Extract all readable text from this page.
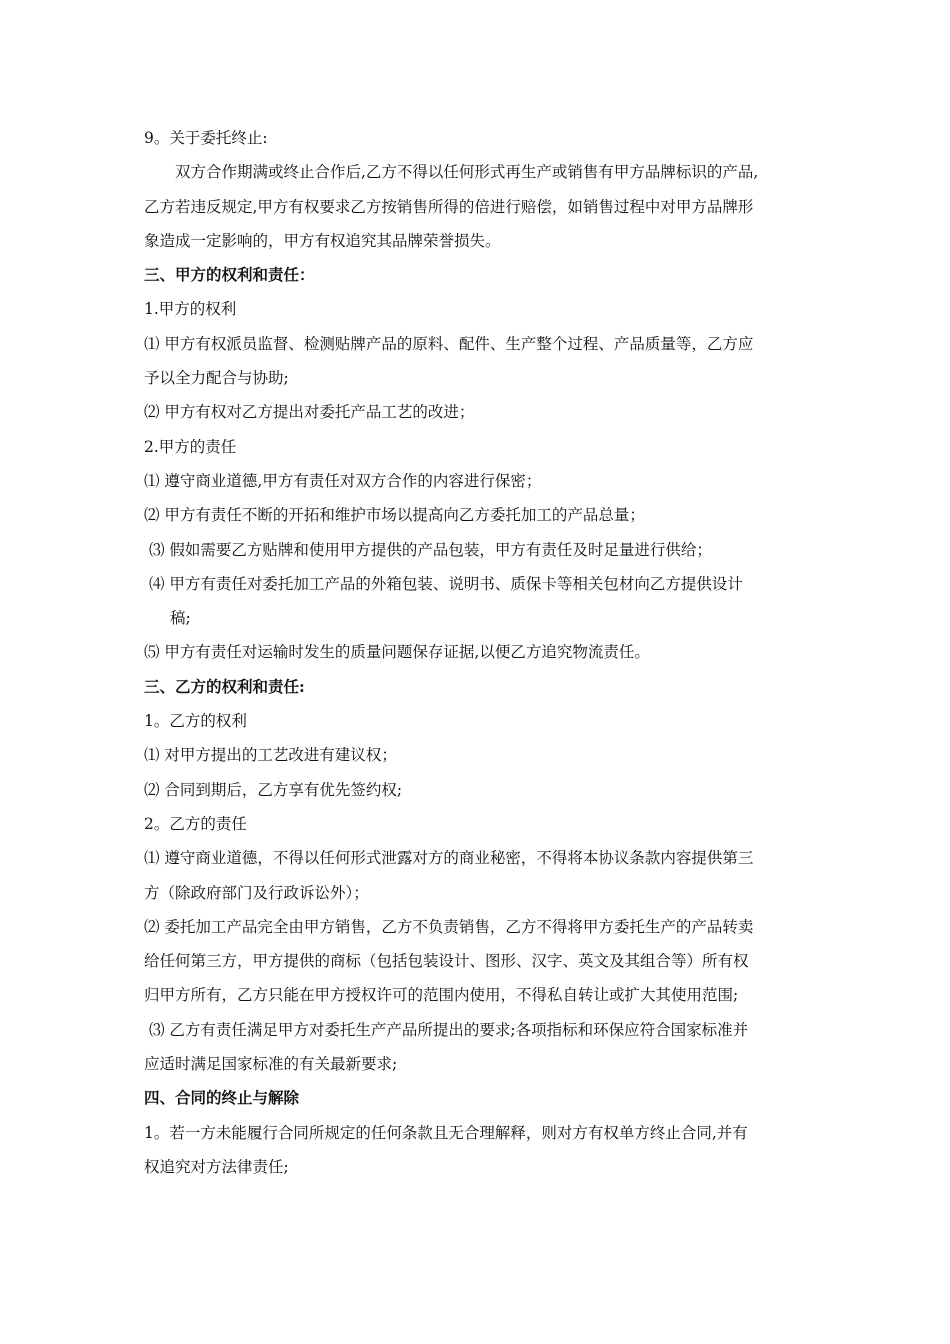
9。关于委托终止:
双方合作期满或终止合作后,乙方不得以任何形式再生产或销售有甲方品牌标识的产品,
乙方若违反规定,甲方有权要求乙方按销售所得的倍进行赔偿，如销售过程中对甲方品牌形
象造成一定影响的，甲方有权追究其品牌荣誉损失。
三、甲方的权利和责任：
1.甲方的权利
⑴ 甲方有权派员监督、检测贴牌产品的原料、配件、生产整个过程、产品质量等，乙方应
予以全力配合与协助;
⑵ 甲方有权对乙方提出对委托产品工艺的改进；
2.甲方的责任
⑴ 遵守商业道德,甲方有责任对双方合作的内容进行保密；
⑵ 甲方有责任不断的开拓和维护市场以提高向乙方委托加工的产品总量；
⑶ 假如需要乙方贴牌和使用甲方提供的产品包装，甲方有责任及时足量进行供给；
⑷ 甲方有责任对委托加工产品的外箱包装、说明书、质保卡等相关包材向乙方提供设计
稿;
⑸ 甲方有责任对运输时发生的质量问题保存证据,以便乙方追究物流责任。
三、乙方的权利和责任:
1。乙方的权利
⑴ 对甲方提出的工艺改进有建议权；
⑵ 合同到期后，乙方享有优先签约权;
2。乙方的责任
⑴ 遵守商业道德，不得以任何形式泄露对方的商业秘密，不得将本协议条款内容提供第三
方（除政府部门及行政诉讼外）；
⑵ 委托加工产品完全由甲方销售，乙方不负责销售，乙方不得将甲方委托生产的产品转卖
给任何第三方，甲方提供的商标（包括包装设计、图形、汉字、英文及其组合等）所有权
归甲方所有，乙方只能在甲方授权许可的范围内使用，不得私自转让或扩大其使用范围;
⑶ 乙方有责任满足甲方对委托生产产品所提出的要求;各项指标和环保应符合国家标准并
应适时满足国家标准的有关最新要求;
四、合同的终止与解除
1。若一方未能履行合同所规定的任何条款且无合理解释，则对方有权单方终止合同,并有
权追究对方法律责任;
